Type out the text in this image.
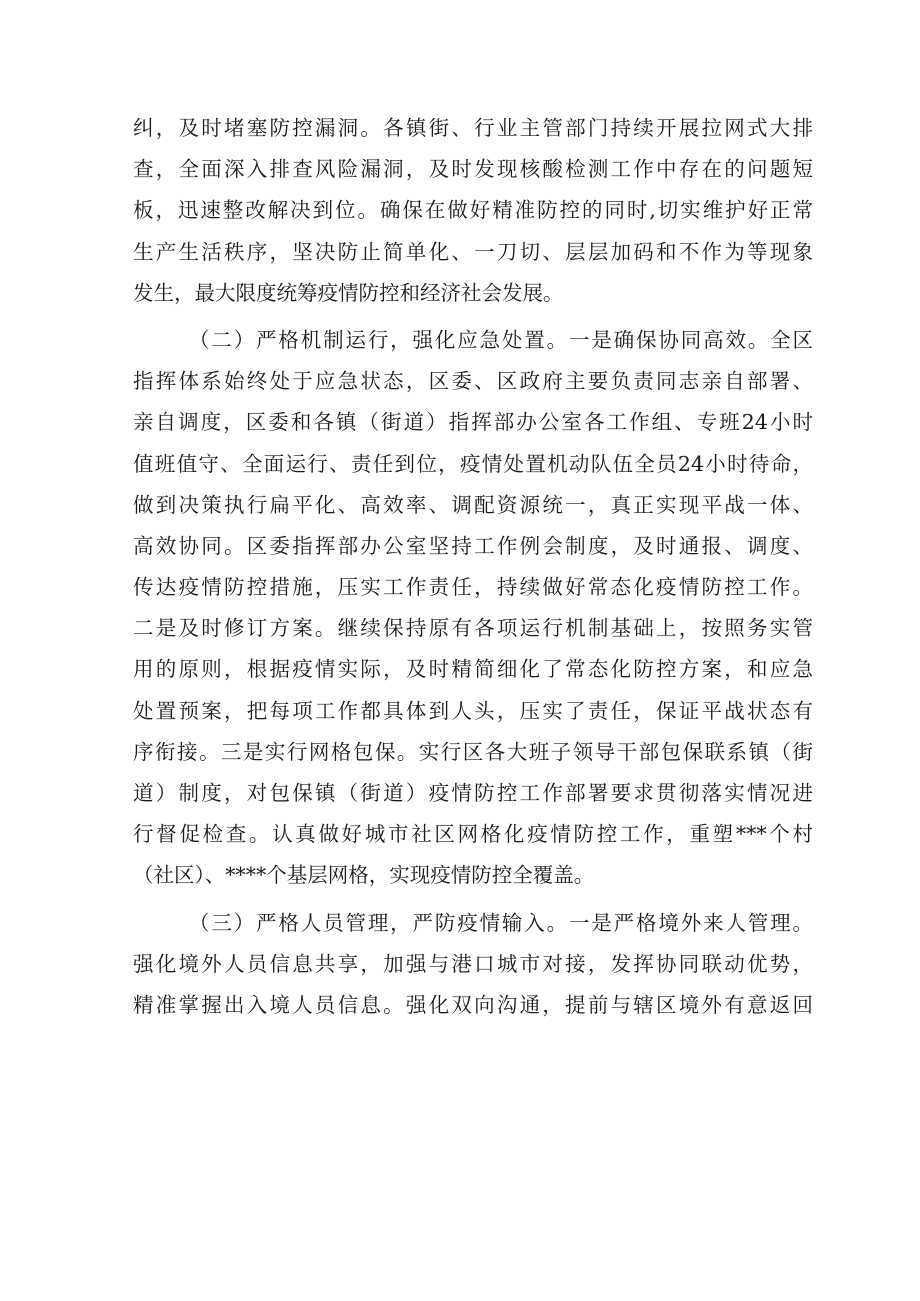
纠，及时堵塞防控漏洞。各镇街、行业主管部门持续开展拉网式大排
查，全面深入排查风险漏洞，及时发现核酸检测工作中存在的问题短
板，迅速整改解决到位。确保在做好精准防控的同时,切实维护好正常
生产生活秩序，坚决防止简单化、一刀切、层层加码和不作为等现象
发生，最大限度统筹疫情防控和经济社会发展。
（二）严格机制运行，强化应急处置。一是确保协同高效。全区
指挥体系始终处于应急状态，区委、区政府主要负责同志亲自部署、
亲自调度，区委和各镇（街道）指挥部办公室各工作组、专班24小时
值班值守、全面运行、责任到位，疫情处置机动队伍全员24小时待命，
做到决策执行扁平化、高效率、调配资源统一，真正实现平战一体、
高效协同。区委指挥部办公室坚持工作例会制度，及时通报、调度、
传达疫情防控措施，压实工作责任，持续做好常态化疫情防控工作。
二是及时修订方案。继续保持原有各项运行机制基础上，按照务实管
用的原则，根据疫情实际，及时精简细化了常态化防控方案，和应急
处置预案，把每项工作都具体到人头，压实了责任，保证平战状态有
序衔接。三是实行网格包保。实行区各大班子领导干部包保联系镇（街
道）制度，对包保镇（街道）疫情防控工作部署要求贯彻落实情况进
行督促检查。认真做好城市社区网格化疫情防控工作，重塑***个村
（社区）、****个基层网格，实现疫情防控全覆盖。
（三）严格人员管理，严防疫情输入。一是严格境外来人管理。
强化境外人员信息共享，加强与港口城市对接，发挥协同联动优势，
精准掌握出入境人员信息。强化双向沟通，提前与辖区境外有意返回
